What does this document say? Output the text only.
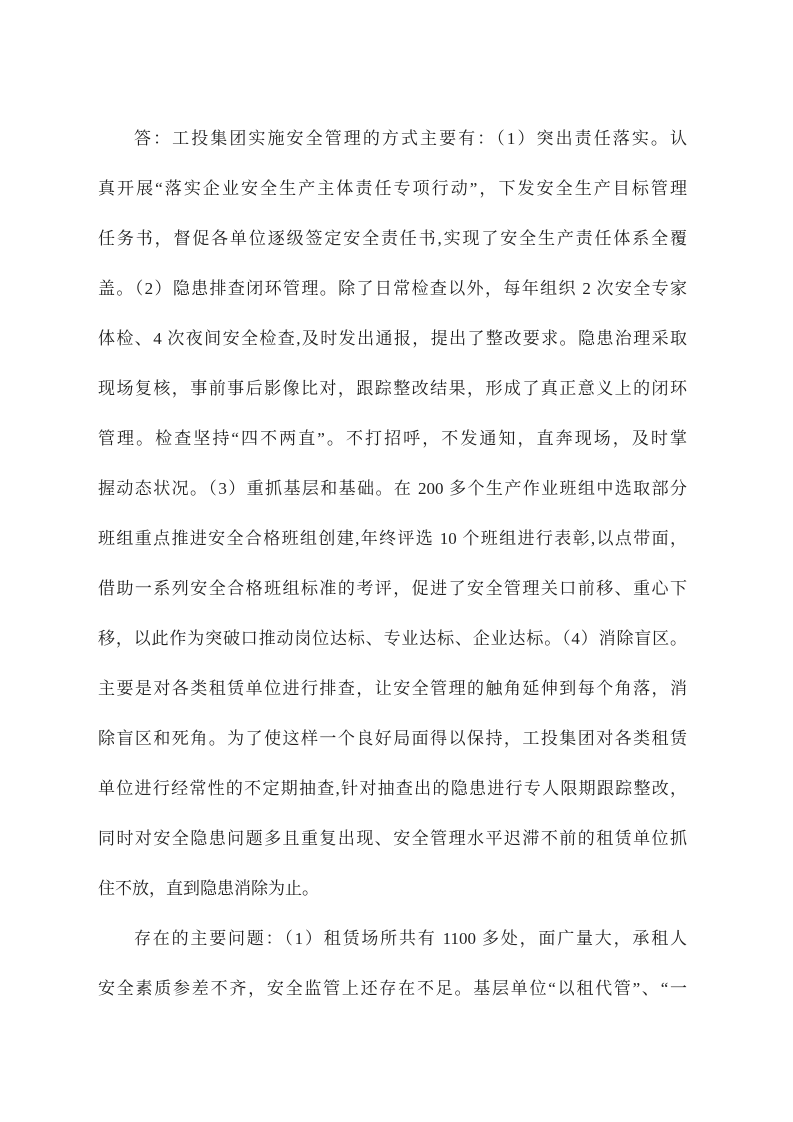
答：工投集团实施安全管理的方式主要有：（1）突出责任落实。认
真开展“落实企业安全生产主体责任专项行动”，下发安全生产目标管理
任务书，督促各单位逐级签定安全责任书,实现了安全生产责任体系全覆
盖。（2）隐患排查闭环管理。除了日常检查以外，每年组织 2 次安全专家
体检、4 次夜间安全检查,及时发出通报，提出了整改要求。隐患治理采取
现场复核，事前事后影像比对，跟踪整改结果，形成了真正意义上的闭环
管理。检查坚持“四不两直”。不打招呼，不发通知，直奔现场，及时掌
握动态状况。（3）重抓基层和基础。在 200 多个生产作业班组中选取部分
班组重点推进安全合格班组创建,年终评选 10 个班组进行表彰,以点带面，
借助一系列安全合格班组标准的考评，促进了安全管理关口前移、重心下
移，以此作为突破口推动岗位达标、专业达标、企业达标。（4）消除盲区。
主要是对各类租赁单位进行排查，让安全管理的触角延伸到每个角落，消
除盲区和死角。为了使这样一个良好局面得以保持，工投集团对各类租赁
单位进行经常性的不定期抽查,针对抽查出的隐患进行专人限期跟踪整改，
同时对安全隐患问题多且重复出现、安全管理水平迟滞不前的租赁单位抓
住不放，直到隐患消除为止。
存在的主要问题：（1）租赁场所共有 1100 多处，面广量大，承租人
安全素质参差不齐，安全监管上还存在不足。基层单位“以租代管”、“一
